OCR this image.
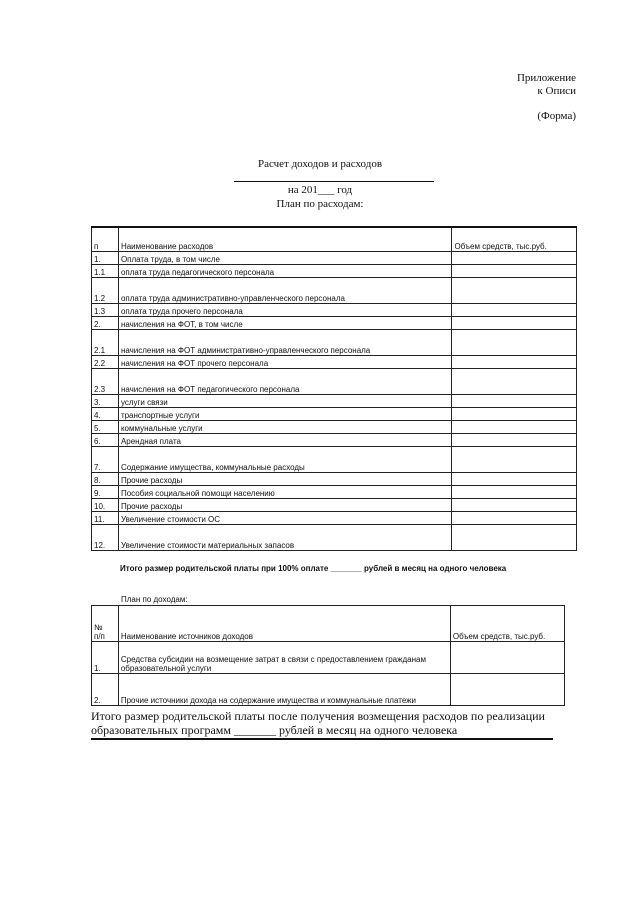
Приложение
к Описи
(Форма)
Расчет доходов и расходов
на 201___ год
План по расходам:
п	Наименование расходов	Объем средств, тыс.руб.
1.	Оплата труда, в том числе	
1.1	оплата труда педагогического персонала	
1.2	оплата труда административно-управленческого персонала	
1.3	оплата труда прочего персонала	
2.	начисления на ФОТ, в том числе	
2.1	начисления на ФОТ административно-управленческого персонала	
2.2	начисления на ФОТ прочего персонала	
2.3	начисления на ФОТ педагогического персонала	
3.	услуги связи	
4.	транспортные услуги	
5.	коммунальные услуги	
6.	Арендная плата	
7.	Содержание имущества, коммунальные расходы	
8.	Прочие расходы	
9.	Пособия социальной помощи населению	
10.	Прочие расходы	
11.	Увеличение стоимости ОС	
12.	Увеличение стоимости материальных запасов	
Итого размер родительской платы при 100% оплате _______ рублей в месяц на одного человека
План по доходам:
№
п/п	Наименование источников доходов	Объем средств, тыс.руб.
1.	Средства субсидии на возмещение затрат в связи с предоставлением гражданам образовательной услуги	
2.	Прочие источники дохода на содержание имущества и коммунальные платежи	
Итого размер родительской платы после получения возмещения расходов по реализации образовательных программ _______ рублей в месяц на одного человека
